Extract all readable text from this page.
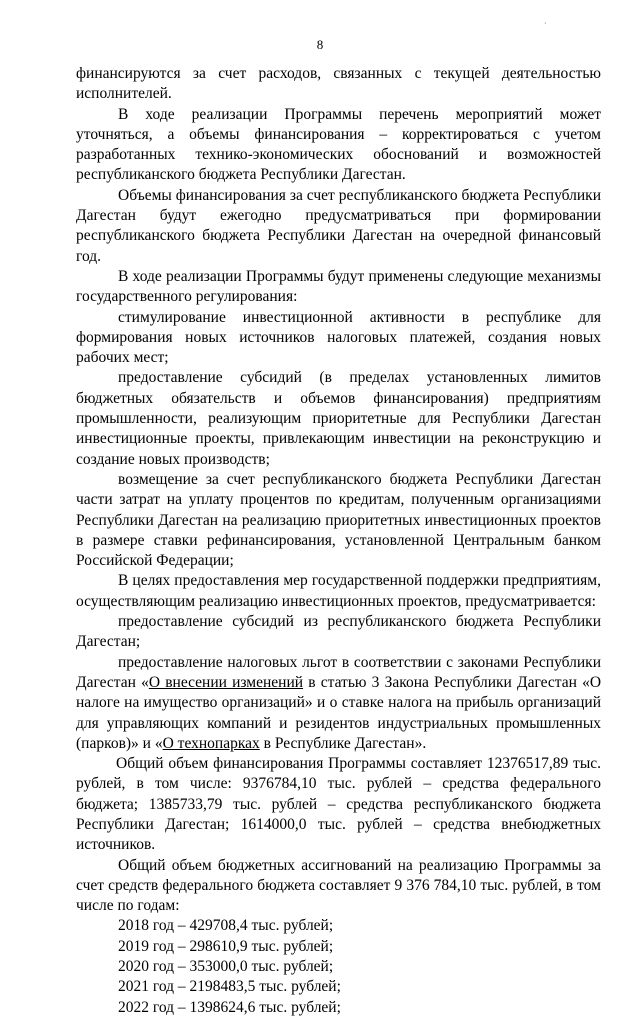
·
8

финансируются за счет расходов, связанных с текущей деятельностью исполнителей.

В ходе реализации Программы перечень мероприятий может уточняться, а объемы финансирования – корректироваться с учетом разработанных технико-экономических обоснований и возможностей республиканского бюджета Республики Дагестан.

Объемы финансирования за счет республиканского бюджета Республики Дагестан будут ежегодно предусматриваться при формировании республиканского бюджета Республики Дагестан на очередной финансовый год.

В ходе реализации Программы будут применены следующие механизмы государственного регулирования:

стимулирование инвестиционной активности в республике для формирования новых источников налоговых платежей, создания новых рабочих мест;

предоставление субсидий (в пределах установленных лимитов бюджетных обязательств и объемов финансирования) предприятиям промышленности, реализующим приоритетные для Республики Дагестан инвестиционные проекты, привлекающим инвестиции на реконструкцию и создание новых производств;

возмещение за счет республиканского бюджета Республики Дагестан части затрат на уплату процентов по кредитам, полученным организациями Республики Дагестан на реализацию приоритетных инвестиционных проектов в размере ставки рефинансирования, установленной Центральным банком Российской Федерации;

В целях предоставления мер государственной поддержки предприятиям, осуществляющим реализацию инвестиционных проектов, предусматривается:

предоставление субсидий из республиканского бюджета Республики Дагестан;

предоставление налоговых льгот в соответствии с законами Республики Дагестан «О внесении изменений в статью 3 Закона Республики Дагестан «О налоге на имущество организаций» и о ставке налога на прибыль организаций для управляющих компаний и резидентов индустриальных промышленных (парков)» и «О технопарках в Республике Дагестан».

Общий объем финансирования Программы составляет 12376517,89 тыс. рублей, в том числе: 9376784,10 тыс. рублей – средства федерального бюджета; 1385733,79 тыс. рублей – средства республиканского бюджета Республики Дагестан; 1614000,0 тыс. рублей – средства внебюджетных источников.

Общий объем бюджетных ассигнований на реализацию Программы за счет средств федерального бюджета составляет 9 376 784,10 тыс. рублей, в том числе по годам:

2018 год – 429708,4 тыс. рублей;

2019 год – 298610,9 тыс. рублей;

2020 год – 353000,0 тыс. рублей;

2021 год – 2198483,5 тыс. рублей;

2022 год – 1398624,6 тыс. рублей;
